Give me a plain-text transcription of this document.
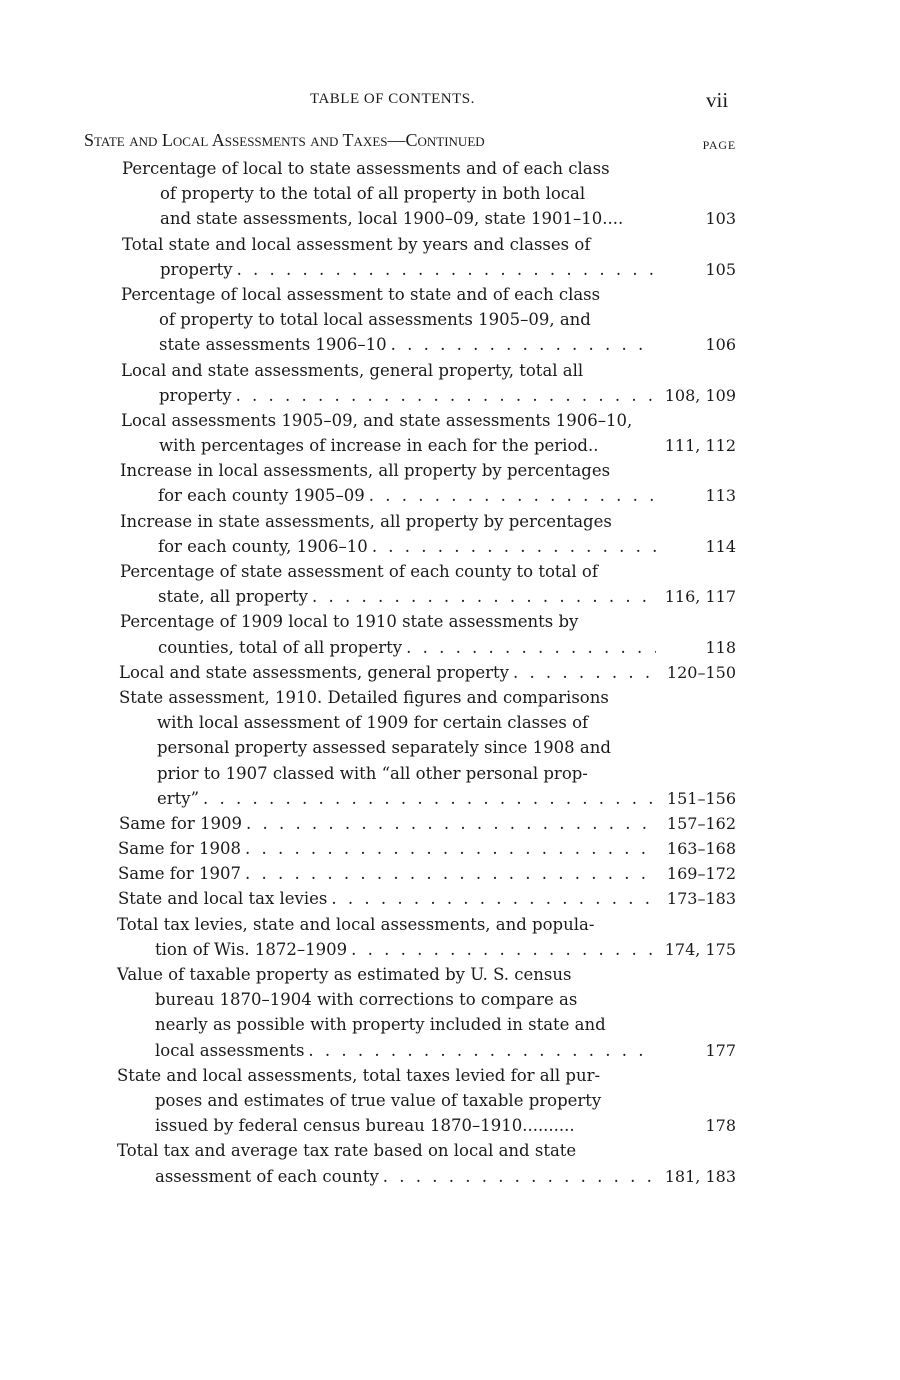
TABLE OF CONTENTS.	vii
State and Local Assessments and Taxes—Continued	PAGE
Percentage of local to state assessments and of each class
of property to the total of all property in both local
and state assessments, local 1900–09, state 1901–10....	103
Total state and local assessment by years and classes of
property . . .	105
Percentage of local assessment to state and of each class
of property to total local assessments 1905–09, and
state assessments 1906–10 . . .	106
Local and state assessments, general property, total all
property . . .	108, 109
Local assessments 1905–09, and state assessments 1906–10,
with percentages of increase in each for the period..	111, 112
Increase in local assessments, all property by percentages
for each county 1905–09 . . .	113
Increase in state assessments, all property by percentages
for each county, 1906–10 . . .	114
Percentage of state assessment of each county to total of
state, all property . . .	116, 117
Percentage of 1909 local to 1910 state assessments by
counties, total of all property . . .	118
Local and state assessments, general property . . .	120–150
State assessment, 1910. Detailed figures and comparisons
with local assessment of 1909 for certain classes of
personal property assessed separately since 1908 and
prior to 1907 classed with “all other personal prop-
erty” . . .	151–156
Same for 1909 . . .	157–162
Same for 1908 . . .	163–168
Same for 1907 . . .	169–172
State and local tax levies . . .	173–183
Total tax levies, state and local assessments, and popula-
tion of Wis. 1872–1909 . . .	174, 175
Value of taxable property as estimated by U. S. census
bureau 1870–1904 with corrections to compare as
nearly as possible with property included in state and
local assessments . . .	177
State and local assessments, total taxes levied for all pur-
poses and estimates of true value of taxable property
issued by federal census bureau 1870–1910..........	178
Total tax and average tax rate based on local and state
assessment of each county . . .	181, 183
